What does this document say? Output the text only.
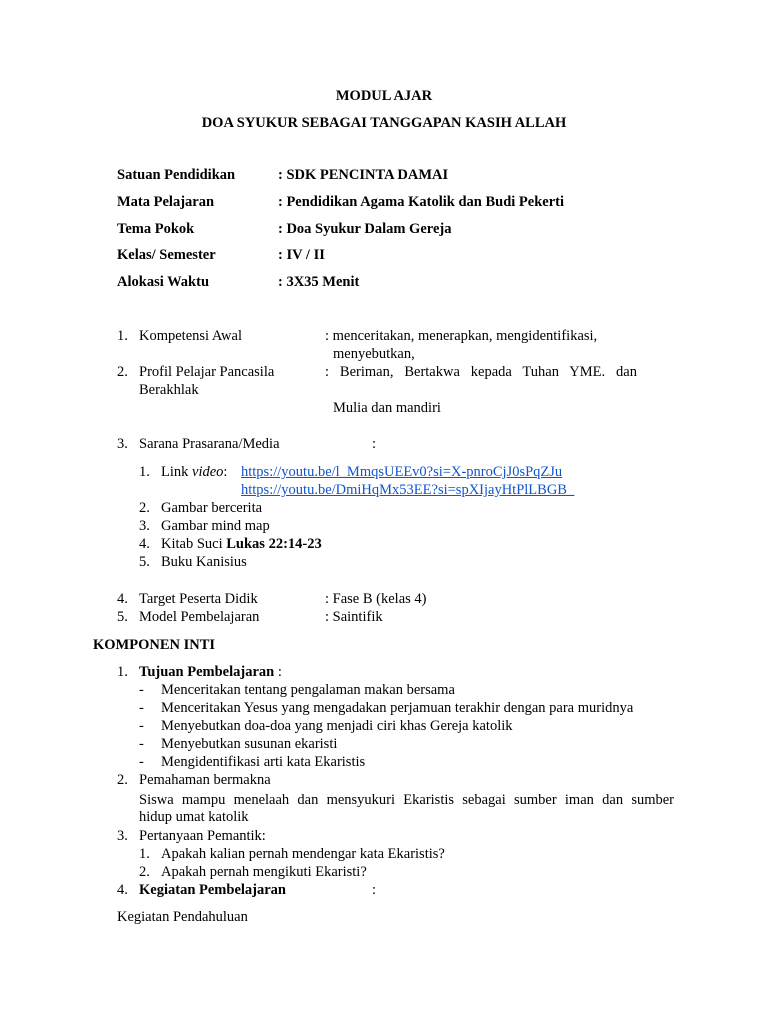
MODUL AJAR
DOA SYUKUR SEBAGAI TANGGAPAN KASIH ALLAH
Satuan Pendidikan	: SDK PENCINTA DAMAI
Mata Pelajaran	: Pendidikan Agama Katolik dan Budi Pekerti
Tema Pokok	: Doa Syukur Dalam Gereja
Kelas/ Semester	: IV / II
Alokasi Waktu	: 3X35 Menit
1. Kompetensi Awal	: menceritakan, menerapkan, mengidentifikasi,
menyebutkan,
2. Profil Pelajar Pancasila
Berakhlak
:   Beriman,   Bertakwa   kepada   Tuhan   YME.   dan
Mulia dan mandiri
3. Sarana Prasarana/Media	:
1. Link video: https://youtu.be/l_MmqsUEEv0?si=X-pnroCjJ0sPqZJu
https://youtu.be/DmiHqMx53EE?si=spXIjayHtPlLBGB_
2. Gambar bercerita
3. Gambar mind map
4. Kitab Suci Lukas 22:14-23
5. Buku Kanisius
4. Target Peserta Didik	: Fase B (kelas 4)
5. Model Pembelajaran	: Saintifik
KOMPONEN INTI
1. Tujuan Pembelajaran :
- Menceritakan tentang pengalaman makan bersama
- Menceritakan Yesus yang mengadakan perjamuan terakhir dengan para muridnya
- Menyebutkan doa-doa yang menjadi ciri khas Gereja katolik
- Menyebutkan susunan ekaristi
- Mengidentifikasi arti kata Ekaristis
2. Pemahaman bermakna
Siswa mampu menelaah dan mensyukuri Ekaristis sebagai sumber iman dan sumber
hidup umat katolik
3. Pertanyaan Pemantik:
1. Apakah kalian pernah mendengar kata Ekaristis?
2. Apakah pernah mengikuti Ekaristi?
4. Kegiatan Pembelajaran	:
Kegiatan Pendahuluan
